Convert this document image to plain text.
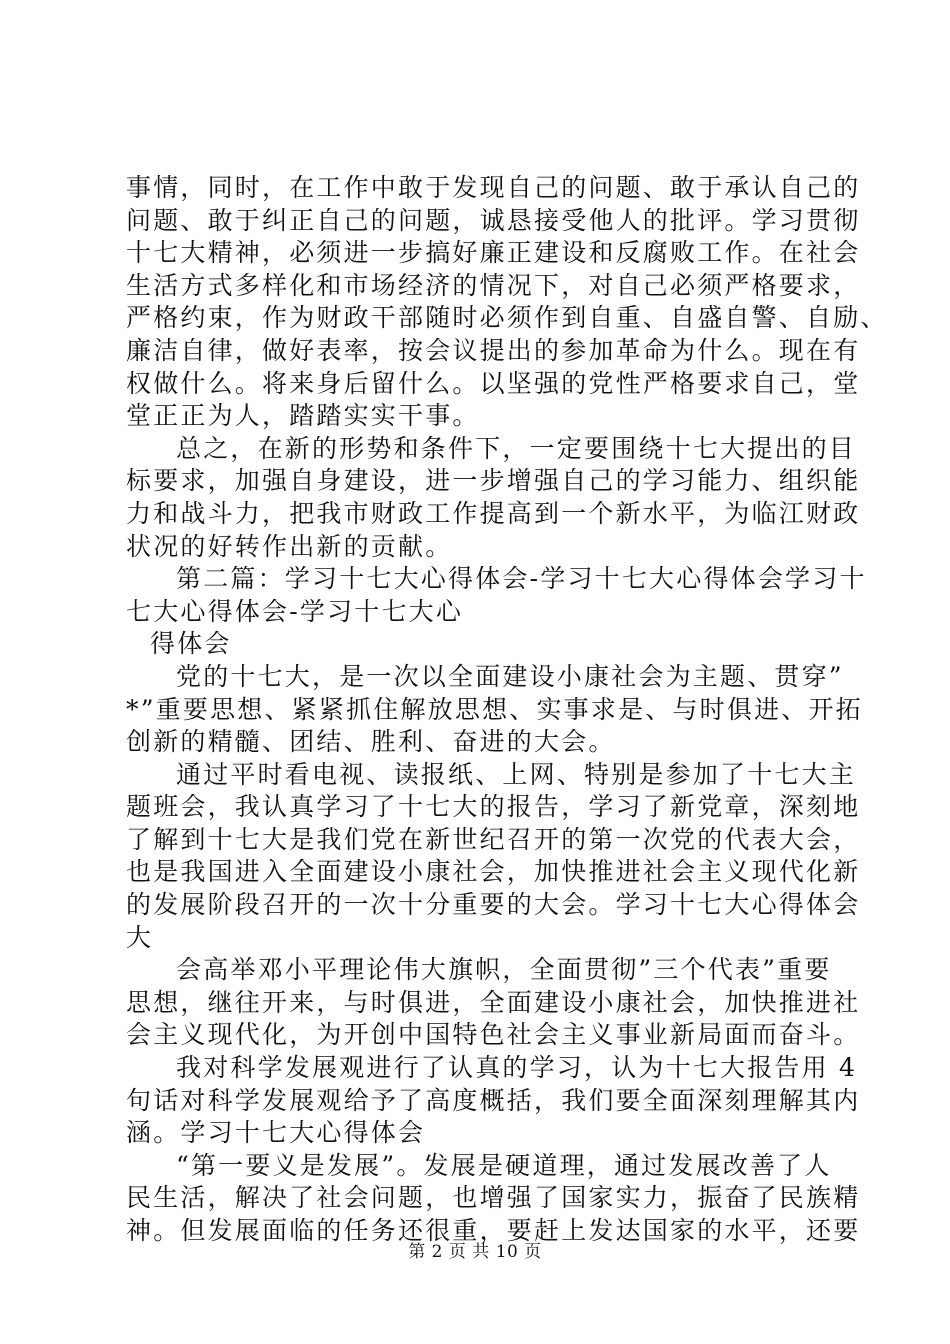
事情，同时，在工作中敢于发现自己的问题、敢于承认自己的
问题、敢于纠正自己的问题，诚恳接受他人的批评。学习贯彻
十七大精神，必须进一步搞好廉正建设和反腐败工作。在社会
生活方式多样化和市场经济的情况下，对自己必须严格要求，
严格约束，作为财政干部随时必须作到自重、自盛自警、自励、
廉洁自律，做好表率，按会议提出的参加革命为什么。现在有
权做什么。将来身后留什么。以坚强的党性严格要求自己，堂
堂正正为人，踏踏实实干事。
总之，在新的形势和条件下，一定要围绕十七大提出的目
标要求，加强自身建设，进一步增强自己的学习能力、组织能
力和战斗力，把我市财政工作提高到一个新水平，为临江财政
状况的好转作出新的贡献。
第二篇：学习十七大心得体会-学习十七大心得体会学习十
七大心得体会-学习十七大心
得体会
党的十七大，是一次以全面建设小康社会为主题、贯穿”
*”重要思想、紧紧抓住解放思想、实事求是、与时俱进、开拓
创新的精髓、团结、胜利、奋进的大会。
通过平时看电视、读报纸、上网、特别是参加了十七大主
题班会，我认真学习了十七大的报告，学习了新党章，深刻地
了解到十七大是我们党在新世纪召开的第一次党的代表大会，
也是我国进入全面建设小康社会，加快推进社会主义现代化新
的发展阶段召开的一次十分重要的大会。学习十七大心得体会
大
会高举邓小平理论伟大旗帜，全面贯彻”三个代表”重要
思想，继往开来，与时俱进，全面建设小康社会，加快推进社
会主义现代化，为开创中国特色社会主义事业新局面而奋斗。
我对科学发展观进行了认真的学习，认为十七大报告用 4
句话对科学发展观给予了高度概括，我们要全面深刻理解其内
涵。学习十七大心得体会
“第一要义是发展”。发展是硬道理，通过发展改善了人
民生活，解决了社会问题，也增强了国家实力，振奋了民族精
神。但发展面临的任务还很重，要赶上发达国家的水平，还要
第 2 页 共 10 页
